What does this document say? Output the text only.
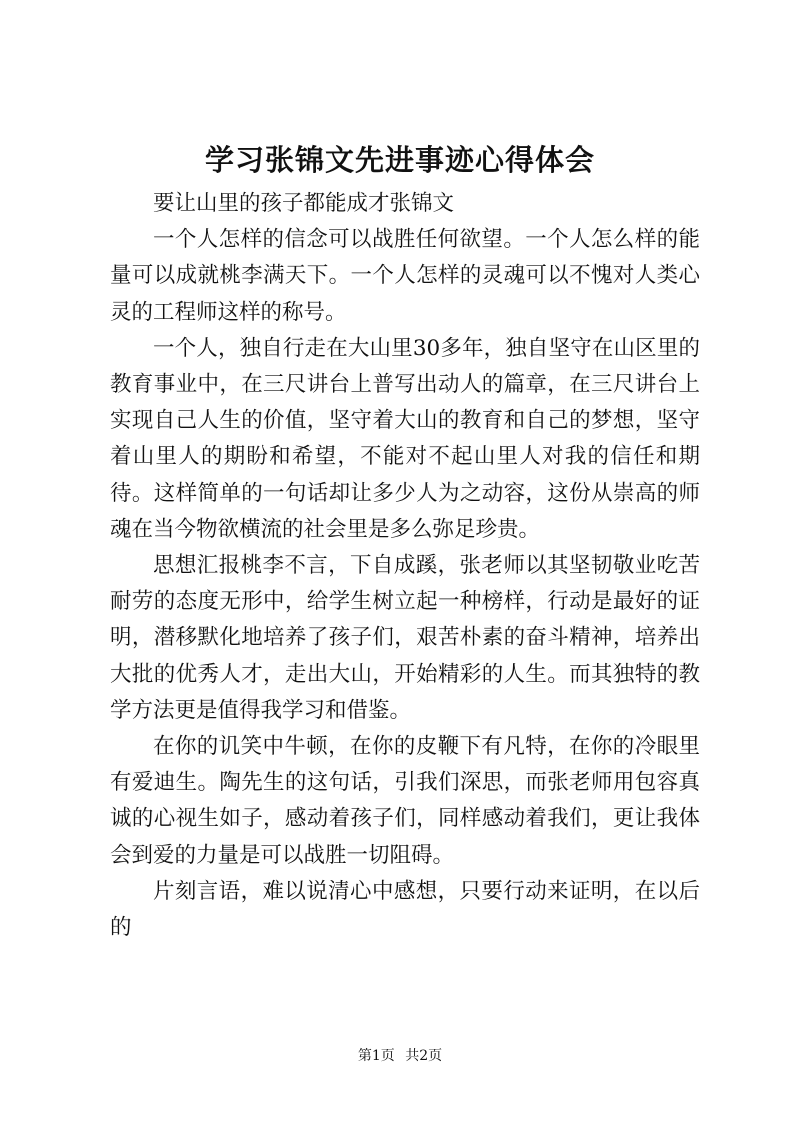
学习张锦文先进事迹心得体会

要让山里的孩子都能成才张锦文

一个人怎样的信念可以战胜任何欲望。一个人怎么样的能量可以成就桃李满天下。一个人怎样的灵魂可以不愧对人类心灵的工程师这样的称号。

一个人，独自行走在大山里30多年，独自坚守在山区里的教育事业中，在三尺讲台上普写出动人的篇章，在三尺讲台上实现自己人生的价值，坚守着大山的教育和自己的梦想，坚守着山里人的期盼和希望，不能对不起山里人对我的信任和期待。这样简单的一句话却让多少人为之动容，这份从崇高的师魂在当今物欲横流的社会里是多么弥足珍贵。

思想汇报桃李不言，下自成蹊，张老师以其坚韧敬业吃苦耐劳的态度无形中，给学生树立起一种榜样，行动是最好的证明，潜移默化地培养了孩子们，艰苦朴素的奋斗精神，培养出大批的优秀人才，走出大山，开始精彩的人生。而其独特的教学方法更是值得我学习和借鉴。

在你的讥笑中牛顿，在你的皮鞭下有凡特，在你的冷眼里有爱迪生。陶先生的这句话，引我们深思，而张老师用包容真诚的心视生如子，感动着孩子们，同样感动着我们，更让我体会到爱的力量是可以战胜一切阻碍。

片刻言语，难以说清心中感想，只要行动来证明，在以后的

第1页 共2页
